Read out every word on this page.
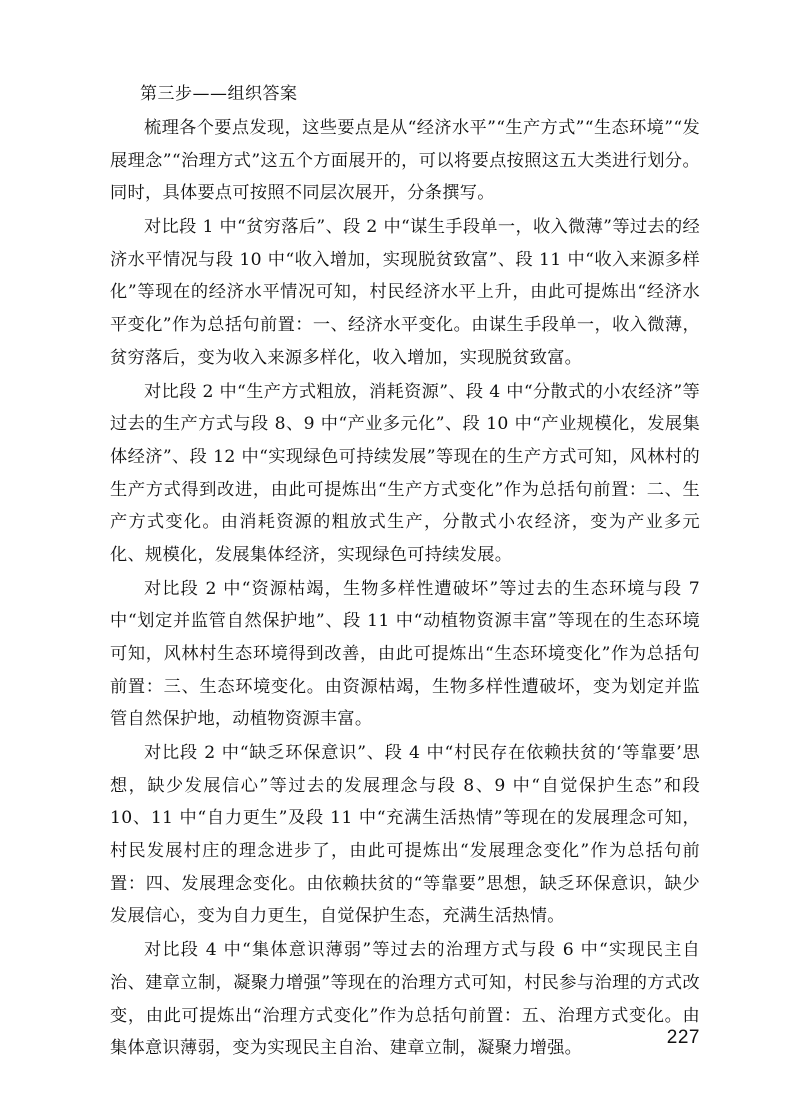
第三步——组织答案

梳理各个要点发现，这些要点是从“经济水平”“生产方式”“生态环境”“发展理念”“治理方式”这五个方面展开的，可以将要点按照这五大类进行划分。同时，具体要点可按照不同层次展开，分条撰写。

对比段 1 中“贫穷落后”、段 2 中“谋生手段单一，收入微薄”等过去的经济水平情况与段 10 中“收入增加，实现脱贫致富”、段 11 中“收入来源多样化”等现在的经济水平情况可知，村民经济水平上升，由此可提炼出“经济水平变化”作为总括句前置：一、经济水平变化。由谋生手段单一，收入微薄，贫穷落后，变为收入来源多样化，收入增加，实现脱贫致富。

对比段 2 中“生产方式粗放，消耗资源”、段 4 中“分散式的小农经济”等过去的生产方式与段 8、9 中“产业多元化”、段 10 中“产业规模化，发展集体经济”、段 12 中“实现绿色可持续发展”等现在的生产方式可知，风林村的生产方式得到改进，由此可提炼出“生产方式变化”作为总括句前置：二、生产方式变化。由消耗资源的粗放式生产，分散式小农经济，变为产业多元化、规模化，发展集体经济，实现绿色可持续发展。

对比段 2 中“资源枯竭，生物多样性遭破坏”等过去的生态环境与段 7 中“划定并监管自然保护地”、段 11 中“动植物资源丰富”等现在的生态环境可知，风林村生态环境得到改善，由此可提炼出“生态环境变化”作为总括句前置：三、生态环境变化。由资源枯竭，生物多样性遭破坏，变为划定并监管自然保护地，动植物资源丰富。

对比段 2 中“缺乏环保意识”、段 4 中“村民存在依赖扶贫的‘等靠要’思想，缺少发展信心”等过去的发展理念与段 8、9 中“自觉保护生态”和段 10、11 中“自力更生”及段 11 中“充满生活热情”等现在的发展理念可知，村民发展村庄的理念进步了，由此可提炼出“发展理念变化”作为总括句前置：四、发展理念变化。由依赖扶贫的“等靠要”思想，缺乏环保意识，缺少发展信心，变为自力更生，自觉保护生态，充满生活热情。

对比段 4 中“集体意识薄弱”等过去的治理方式与段 6 中“实现民主自治、建章立制，凝聚力增强”等现在的治理方式可知，村民参与治理的方式改变，由此可提炼出“治理方式变化”作为总括句前置：五、治理方式变化。由集体意识薄弱，变为实现民主自治、建章立制，凝聚力增强。

227
